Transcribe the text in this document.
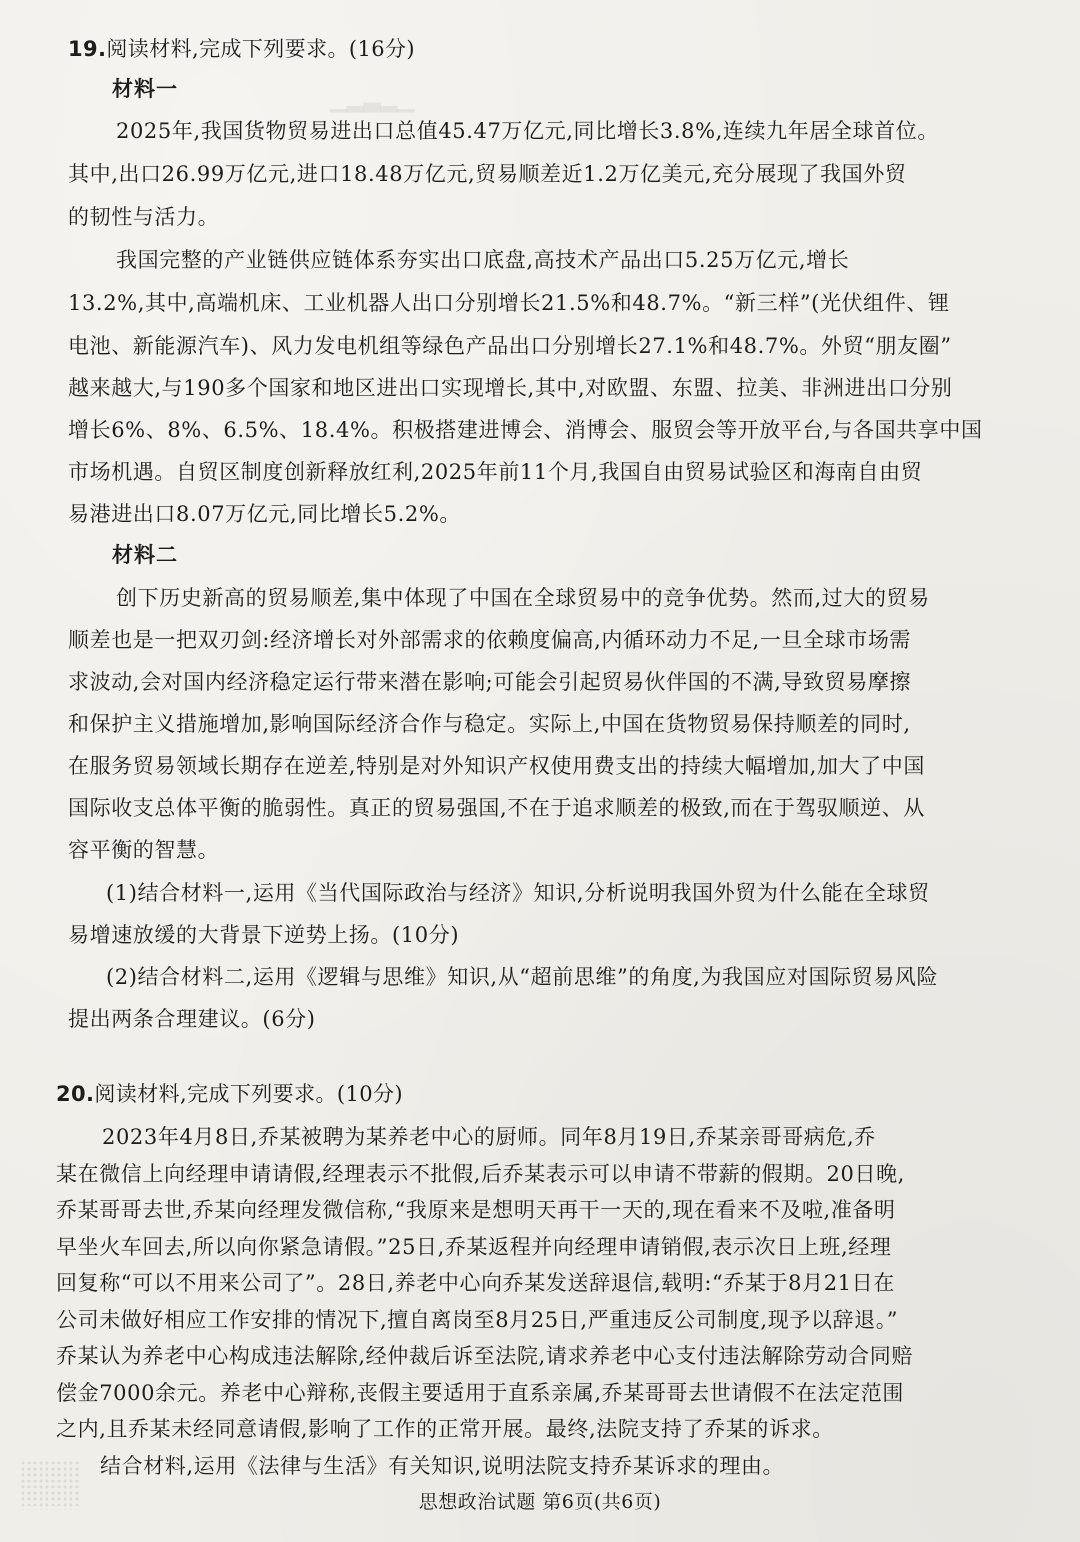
▁▂▃▂▁
19.阅读材料,完成下列要求。(16分)
材料一
2025年,我国货物贸易进出口总值45.47万亿元,同比增长3.8%,连续九年居全球首位。
其中,出口26.99万亿元,进口18.48万亿元,贸易顺差近1.2万亿美元,充分展现了我国外贸
的韧性与活力。
我国完整的产业链供应链体系夯实出口底盘,高技术产品出口5.25万亿元,增长
13.2%,其中,高端机床、工业机器人出口分别增长21.5%和48.7%。“新三样”(光伏组件、锂
电池、新能源汽车)、风力发电机组等绿色产品出口分别增长27.1%和48.7%。外贸“朋友圈”
越来越大,与190多个国家和地区进出口实现增长,其中,对欧盟、东盟、拉美、非洲进出口分别
增长6%、8%、6.5%、18.4%。积极搭建进博会、消博会、服贸会等开放平台,与各国共享中国
市场机遇。自贸区制度创新释放红利,2025年前11个月,我国自由贸易试验区和海南自由贸
易港进出口8.07万亿元,同比增长5.2%。
材料二
创下历史新高的贸易顺差,集中体现了中国在全球贸易中的竞争优势。然而,过大的贸易
顺差也是一把双刃剑:经济增长对外部需求的依赖度偏高,内循环动力不足,一旦全球市场需
求波动,会对国内经济稳定运行带来潜在影响;可能会引起贸易伙伴国的不满,导致贸易摩擦
和保护主义措施增加,影响国际经济合作与稳定。实际上,中国在货物贸易保持顺差的同时,
在服务贸易领域长期存在逆差,特别是对外知识产权使用费支出的持续大幅增加,加大了中国
国际收支总体平衡的脆弱性。真正的贸易强国,不在于追求顺差的极致,而在于驾驭顺逆、从
容平衡的智慧。
(1)结合材料一,运用《当代国际政治与经济》知识,分析说明我国外贸为什么能在全球贸
易增速放缓的大背景下逆势上扬。(10分)
(2)结合材料二,运用《逻辑与思维》知识,从“超前思维”的角度,为我国应对国际贸易风险
提出两条合理建议。(6分)
20.阅读材料,完成下列要求。(10分)
2023年4月8日,乔某被聘为某养老中心的厨师。同年8月19日,乔某亲哥哥病危,乔
某在微信上向经理申请请假,经理表示不批假,后乔某表示可以申请不带薪的假期。20日晚,
乔某哥哥去世,乔某向经理发微信称,“我原来是想明天再干一天的,现在看来不及啦,准备明
早坐火车回去,所以向你紧急请假。”25日,乔某返程并向经理申请销假,表示次日上班,经理
回复称“可以不用来公司了”。28日,养老中心向乔某发送辞退信,载明:“乔某于8月21日在
公司未做好相应工作安排的情况下,擅自离岗至8月25日,严重违反公司制度,现予以辞退。”
乔某认为养老中心构成违法解除,经仲裁后诉至法院,请求养老中心支付违法解除劳动合同赔
偿金7000余元。养老中心辩称,丧假主要适用于直系亲属,乔某哥哥去世请假不在法定范围
之内,且乔某未经同意请假,影响了工作的正常开展。最终,法院支持了乔某的诉求。
结合材料,运用《法律与生活》有关知识,说明法院支持乔某诉求的理由。
思想政治试题 第6页(共6页)
